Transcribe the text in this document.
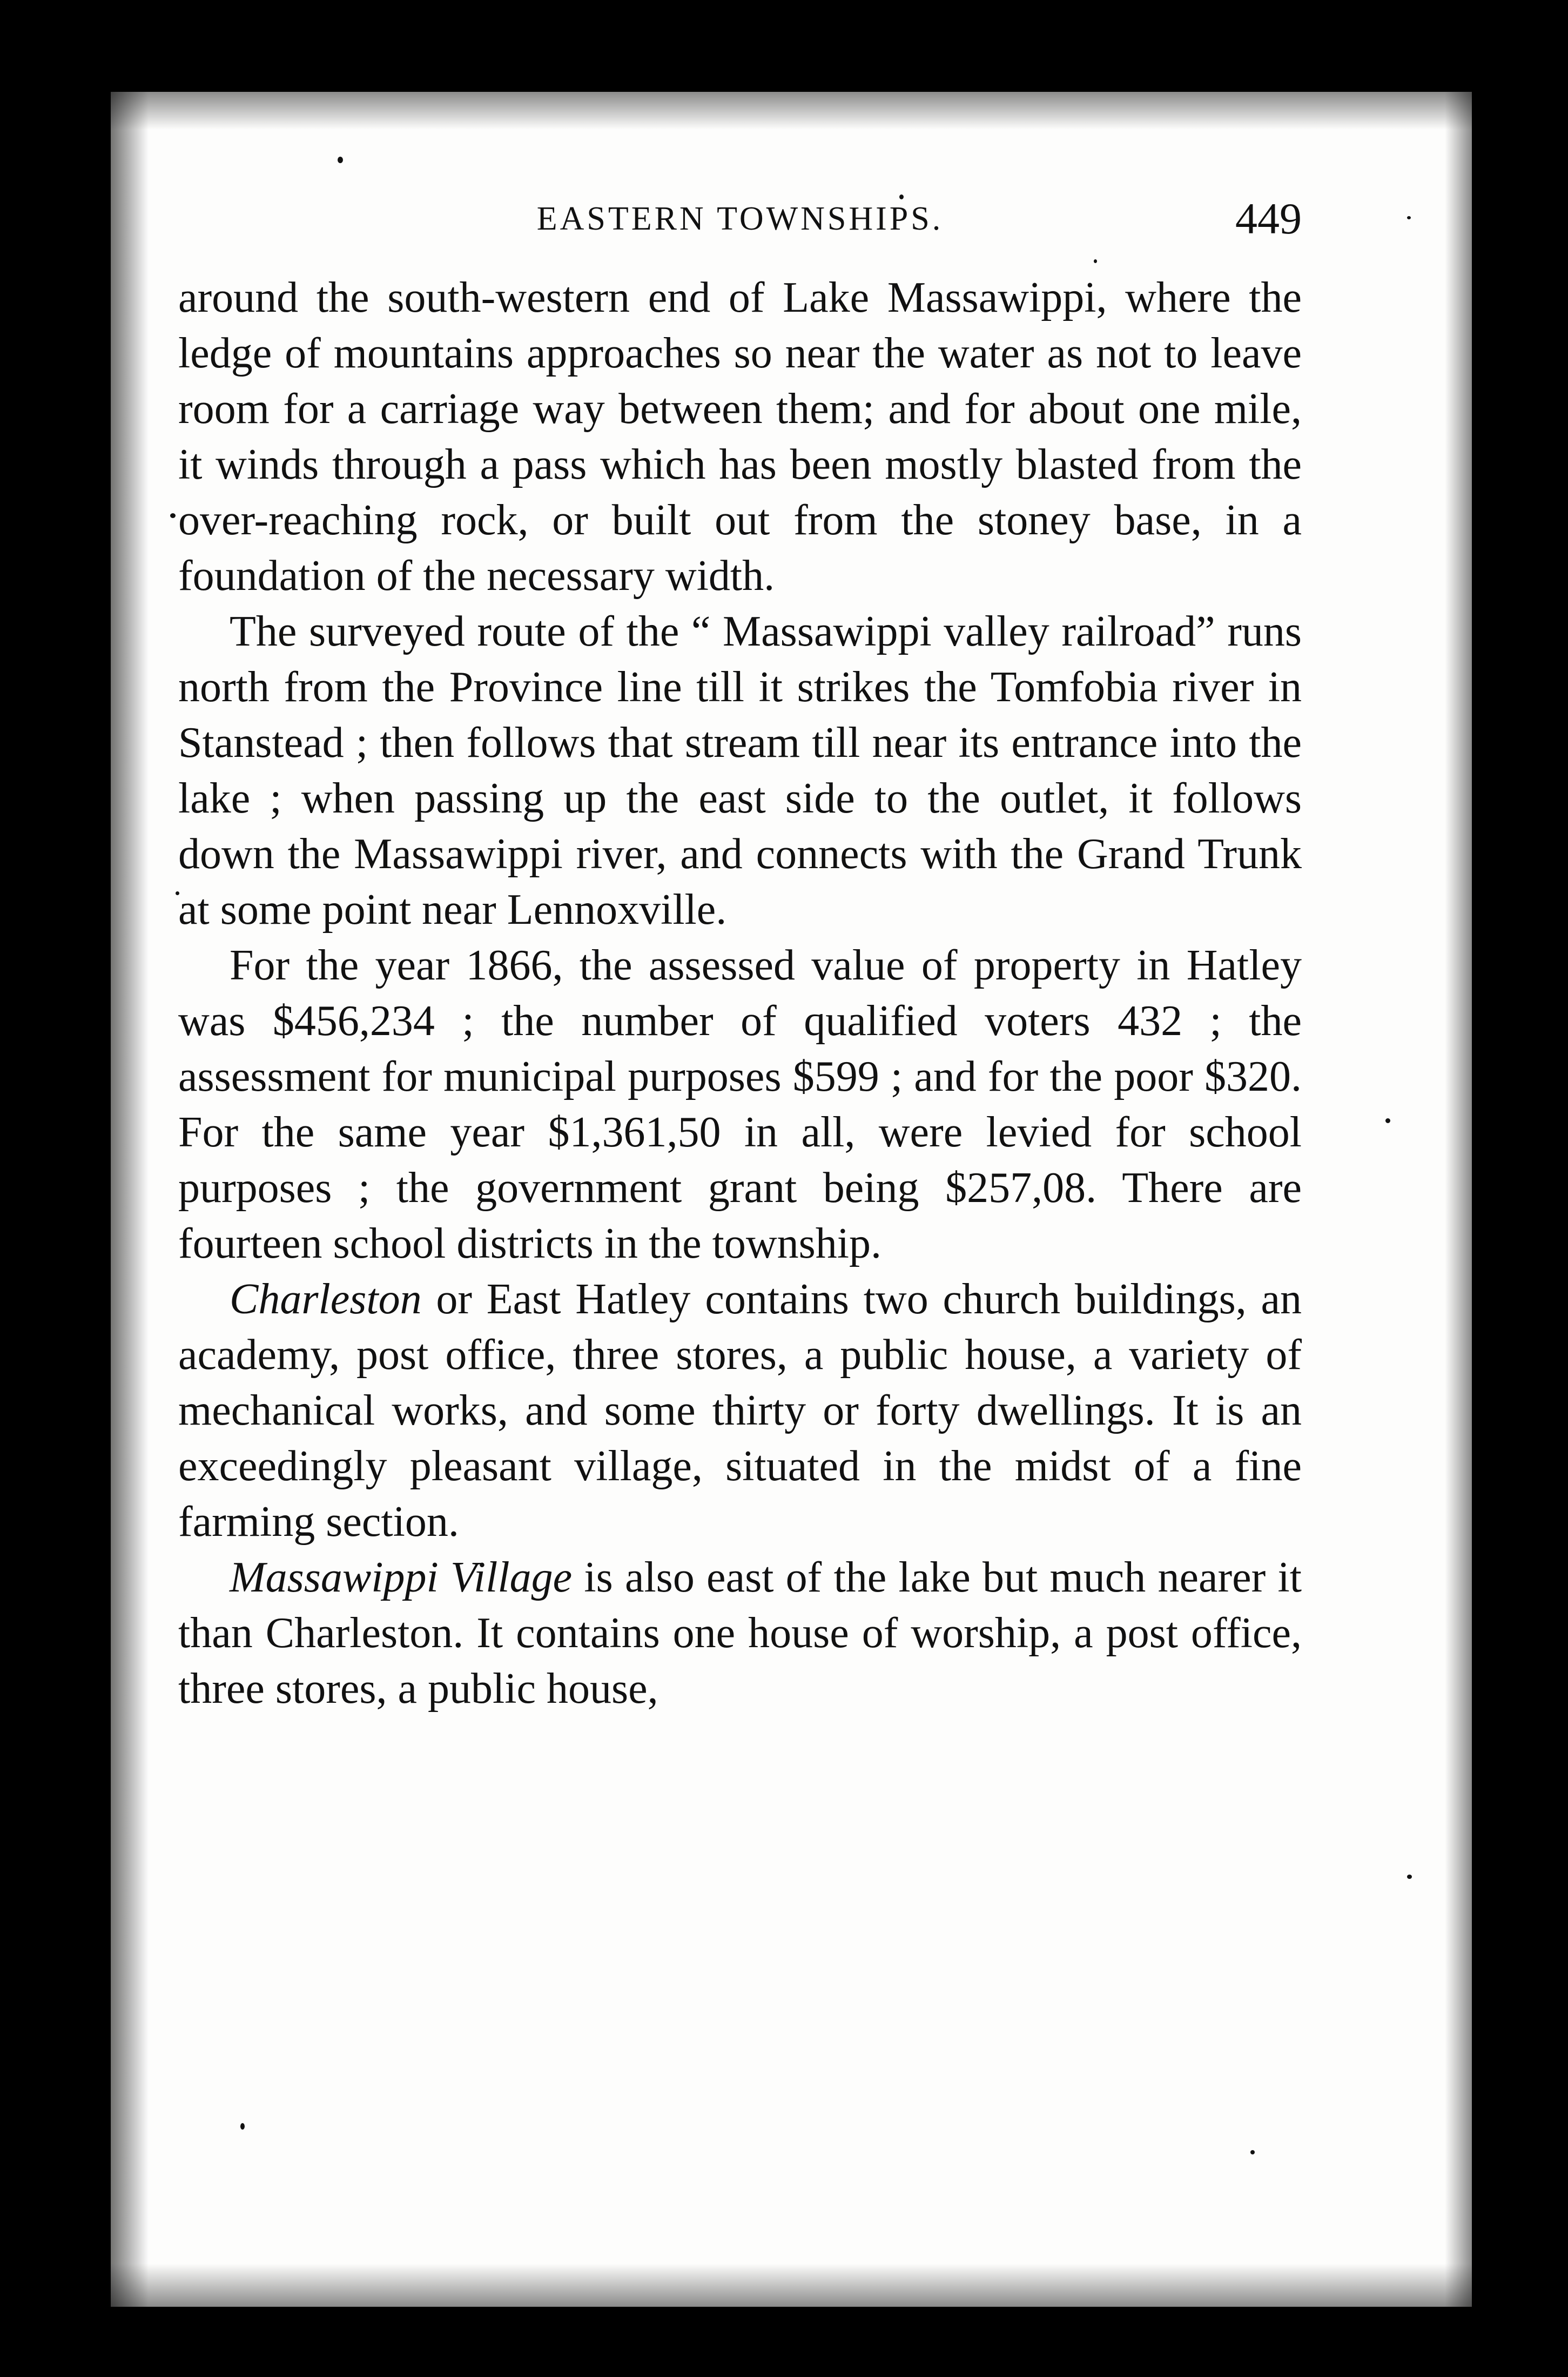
EASTERN TOWNSHIPS.	449

around the south-western end of Lake Massawippi, where the ledge of mountains approaches so near the water as not to leave room for a carriage way between them; and for about one mile, it winds through a pass which has been mostly blasted from the over-reaching rock, or built out from the stoney base, in a foundation of the necessary width.

The surveyed route of the “ Massawippi valley railroad” runs north from the Province line till it strikes the Tomfobia river in Stanstead ; then follows that stream till near its entrance into the lake ; when passing up the east side to the outlet, it follows down the Massawippi river, and connects with the Grand Trunk at some point near Lennoxville.

For the year 1866, the assessed value of property in Hatley was $456,234 ; the number of qualified voters 432 ; the assessment for municipal purposes $599 ; and for the poor $320. For the same year $1,361,50 in all, were levied for school purposes ; the government grant being $257,08. There are fourteen school districts in the township.

Charleston or East Hatley contains two church buildings, an academy, post office, three stores, a public house, a variety of mechanical works, and some thirty or forty dwellings. It is an exceedingly pleasant village, situated in the midst of a fine farming section.

Massawippi Village is also east of the lake but much nearer it than Charleston. It contains one house of worship, a post office, three stores, a public house,
